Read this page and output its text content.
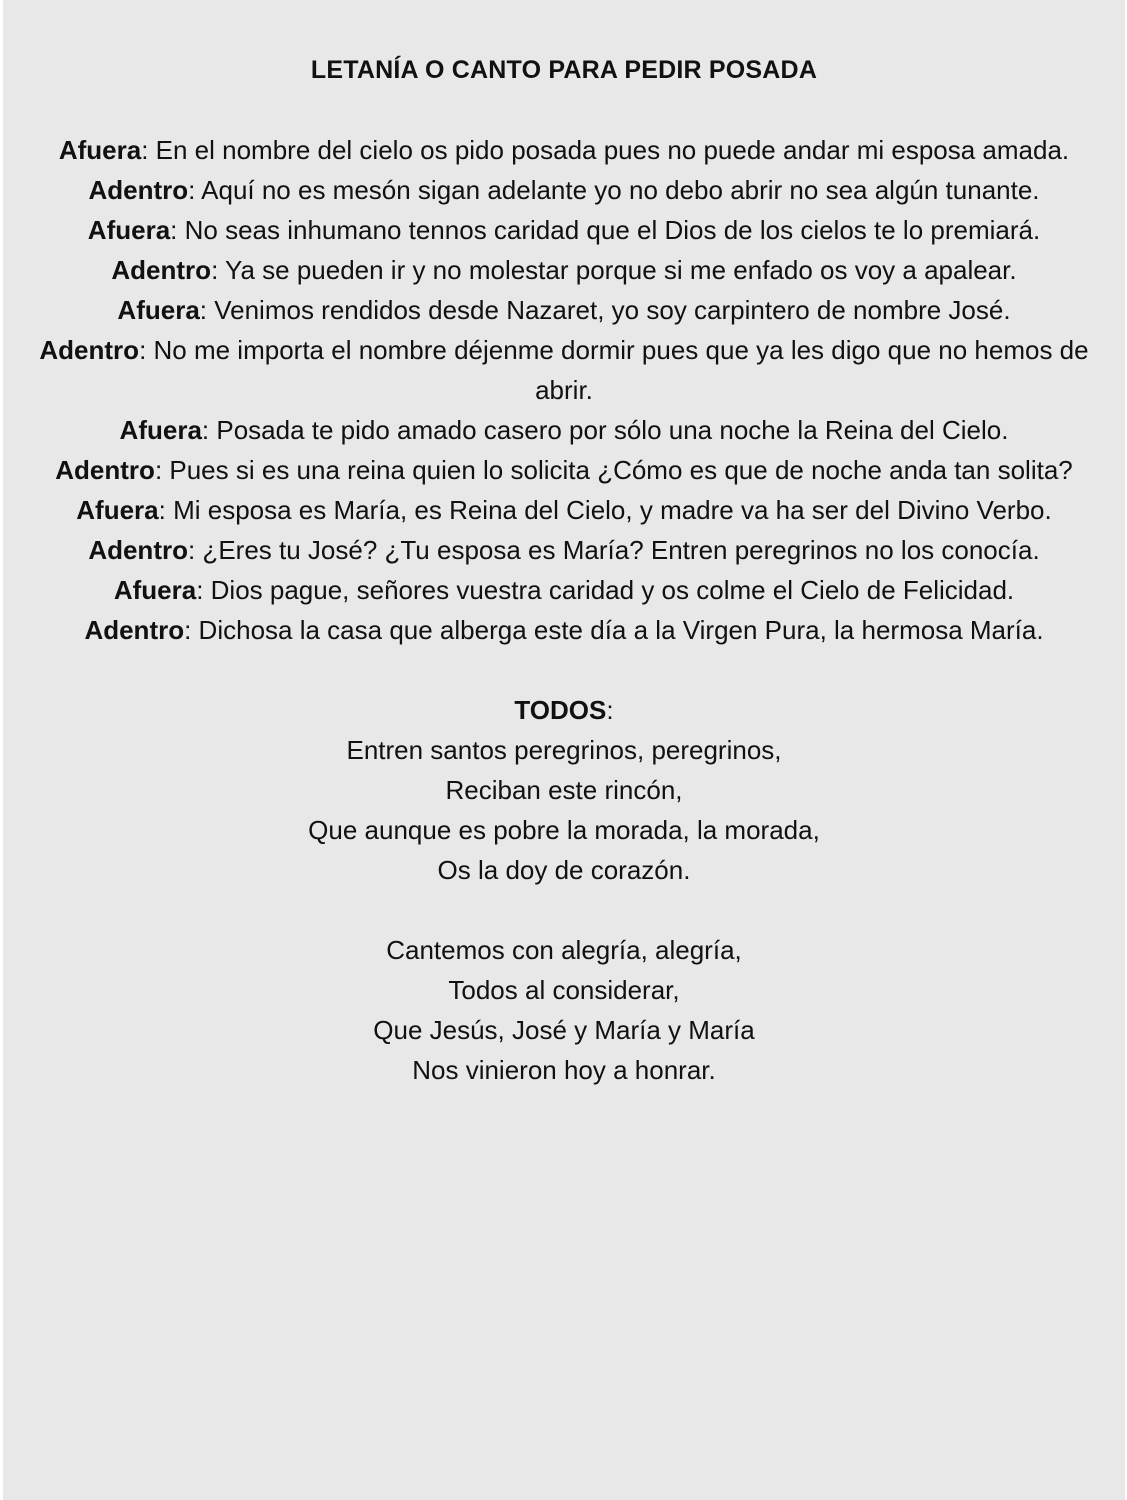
LETANÍA O CANTO PARA PEDIR POSADA

Afuera: En el nombre del cielo os pido posada pues no puede andar mi esposa amada.

Adentro: Aquí no es mesón sigan adelante yo no debo abrir no sea algún tunante.

Afuera: No seas inhumano tennos caridad que el Dios de los cielos te lo premiará.

Adentro: Ya se pueden ir y no molestar porque si me enfado os voy a apalear.

Afuera: Venimos rendidos desde Nazaret, yo soy carpintero de nombre José.

Adentro: No me importa el nombre déjenme dormir pues que ya les digo que no hemos de abrir.

Afuera: Posada te pido amado casero por sólo una noche la Reina del Cielo.

Adentro: Pues si es una reina quien lo solicita ¿Cómo es que de noche anda tan solita?

Afuera: Mi esposa es María, es Reina del Cielo, y madre va ha ser del Divino Verbo.

Adentro: ¿Eres tu José? ¿Tu esposa es María? Entren peregrinos no los conocía.

Afuera: Dios pague, señores vuestra caridad y os colme el Cielo de Felicidad.

Adentro: Dichosa la casa que alberga este día a la Virgen Pura, la hermosa María.

TODOS:
Entren santos peregrinos, peregrinos,
Reciban este rincón,
Que aunque es pobre la morada, la morada,
Os la doy de corazón.
Cantemos con alegría, alegría,
Todos al considerar,
Que Jesús, José y María y María
Nos vinieron hoy a honrar.
